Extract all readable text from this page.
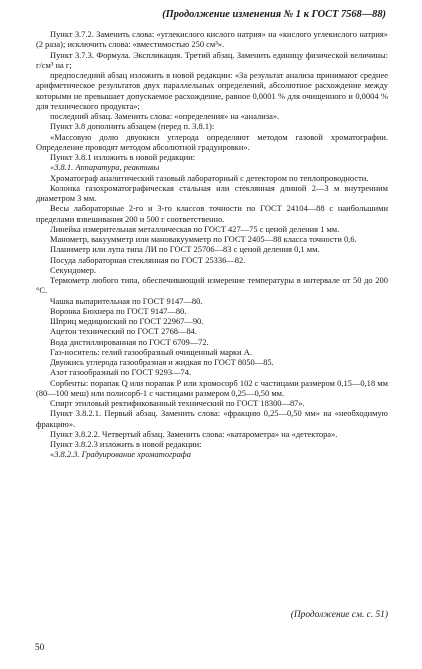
(Продолжение изменения № 1 к ГОСТ 7568—88)

Пункт 3.7.2. Заменить слова: «углекислого кислого натрия» на «кислого углекислого натрия» (2 раза); исключить слова: «вместимостью 250 см³».

Пункт 3.7.3. Формула. Экспликация. Третий абзац. Заменить единицу физической величины: г/см³ на г;

предпоследний абзац изложить в новой редакции: «За результат анализа принимают среднее арифметическое результатов двух параллельных определений, абсолютное расхождение между которыми не превышает допускаемое расхождение, равное 0,0001 % для очищенного и 0,0004 % для технического продукта»;

последний абзац. Заменить слова: «определения» на «анализа».

Пункт 3.8 дополнить абзацем (перед п. 3.8.1):

«Массовую долю двуокиси углерода определяют методом газовой хроматографии. Определение проводят методом абсолютной градуировки».

Пункт 3.8.1 изложить в новой редакции:

«3.8.1. Аппаратура, реактивы

Хроматограф аналитический газовый лабораторный с детектором по теплопроводности.

Колонка газохроматографическая стальная или стеклянная длиной 2—3 м внутренним диаметром 3 мм.

Весы лабораторные 2-го и 3-го классов точности по ГОСТ 24104—88 с наибольшими пределами взвешивания 200 и 500 г соответственно.

Линейка измерительная металлическая по ГОСТ 427—75 с ценой деления 1 мм.

Манометр, вакуумметр или мановакуумметр по ГОСТ 2405—88 класса точности 0,6.

Планиметр или лупа типа ЛИ по ГОСТ 25706—83 с ценой деления 0,1 мм.

Посуда лабораторная стеклянная по ГОСТ 25336—82.

Секундомер.

Термометр любого типа, обеспечивающий измерение температуры в интервале от 50 до 200 °С.

Чашка выпарительная по ГОСТ 9147—80.

Воронка Бюхнера по ГОСТ 9147—80.

Шприц медицинский по ГОСТ 22967—90.

Ацетон технический по ГОСТ 2768—84.

Вода дистиллированная по ГОСТ 6709—72.

Газ-носитель: гелий газообразный очищенный марки А.

Двуокись углерода газообразная и жидкая по ГОСТ 8050—85.

Азот газообразный по ГОСТ 9293—74.

Сорбенты: порапак Q или порапак Р или хромосорб 102 с частицами размером 0,15—0,18 мм (80—100 меш) или полисорб-1 с частицами размером 0,25—0,50 мм.

Спирт этиловый ректификованный технический по ГОСТ 18300—87».

Пункт 3.8.2.1. Первый абзац. Заменить слова: «фракцию 0,25—0,50 мм» на «необходимую фракцию».

Пункт 3.8.2.2. Четвертый абзац. Заменить слова: «катарометра» на «детектора».

Пункт 3.8.2.3 изложить в новой редакции:

«3.8.2.3. Градуирование хроматографа

(Продолжение см. с. 51)
50
